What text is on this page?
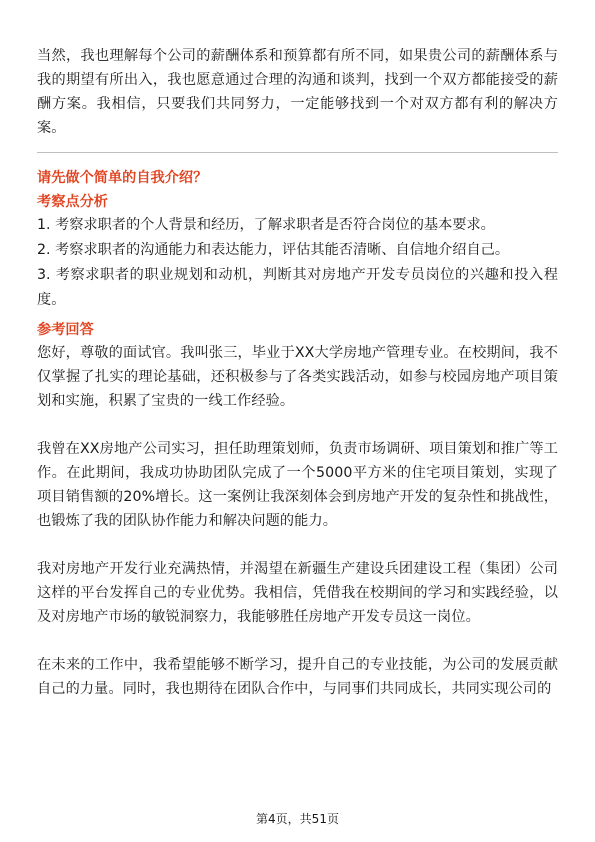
当然，我也理解每个公司的薪酬体系和预算都有所不同，如果贵公司的薪酬体系与我的期望有所出入，我也愿意通过合理的沟通和谈判，找到一个双方都能接受的薪酬方案。我相信，只要我们共同努力，一定能够找到一个对双方都有利的解决方案。

请先做个简单的自我介绍？

考察点分析

1. 考察求职者的个人背景和经历，了解求职者是否符合岗位的基本要求。
2. 考察求职者的沟通能力和表达能力，评估其能否清晰、自信地介绍自己。
3. 考察求职者的职业规划和动机，判断其对房地产开发专员岗位的兴趣和投入程度。

参考回答

您好，尊敬的面试官。我叫张三，毕业于XX大学房地产管理专业。在校期间，我不仅掌握了扎实的理论基础，还积极参与了各类实践活动，如参与校园房地产项目策划和实施，积累了宝贵的一线工作经验。

我曾在XX房地产公司实习，担任助理策划师，负责市场调研、项目策划和推广等工作。在此期间，我成功协助团队完成了一个5000平方米的住宅项目策划，实现了项目销售额的20%增长。这一案例让我深刻体会到房地产开发的复杂性和挑战性，也锻炼了我的团队协作能力和解决问题的能力。

我对房地产开发行业充满热情，并渴望在新疆生产建设兵团建设工程（集团）公司这样的平台发挥自己的专业优势。我相信，凭借我在校期间的学习和实践经验，以及对房地产市场的敏锐洞察力，我能够胜任房地产开发专员这一岗位。

在未来的工作中，我希望能够不断学习，提升自己的专业技能，为公司的发展贡献自己的力量。同时，我也期待在团队合作中，与同事们共同成长，共同实现公司的

第4页，共51页
